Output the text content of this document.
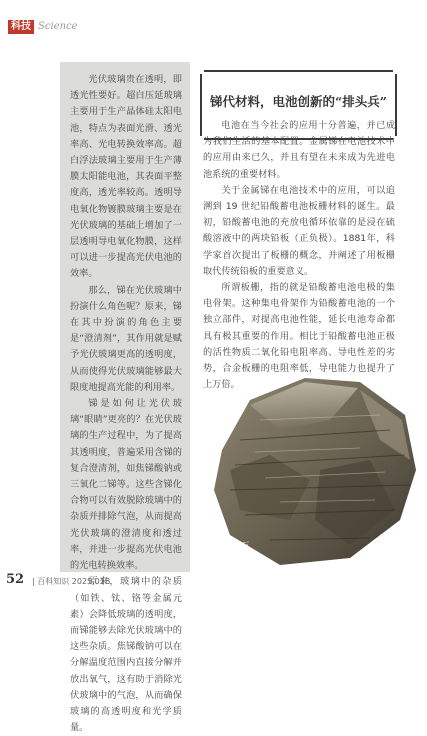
科技 Science

光伏玻璃贵在透明，即透光性要好。超白压延玻璃主要用于生产晶体硅太阳电池，特点为表面光滑、透光率高、光电转换效率高。超白浮法玻璃主要用于生产薄膜太阳能电池，其表面平整度高，透光率较高。透明导电氧化物镀膜玻璃主要是在光伏玻璃的基础上增加了一层透明导电氧化物膜，这样可以进一步提高光伏电池的效率。

那么，锑在光伏玻璃中扮演什么角色呢？原来，锑在其中扮演的角色主要是“澄清剂”，其作用就是赋予光伏玻璃更高的透明度，从而使得光伏玻璃能够最大限度地提高光能的利用率。

锑是如何让光伏玻璃“眼睛”更亮的？在光伏玻璃的生产过程中，为了提高其透明度，普遍采用含锑的复合澄清剂，如焦锑酸钠或三氧化二锑等。这些含锑化合物可以有效脱除玻璃中的杂质并排除气泡，从而提高光伏玻璃的澄清度和透过率，并进一步提高光伏电池的光电转换效率。

原来，玻璃中的杂质（如铁、钛、铬等金属元素）会降低玻璃的透明度，而锑能够去除光伏玻璃中的这些杂质。焦锑酸钠可以在分解温度范围内直接分解并放出氧气，这有助于消除光伏玻璃中的气泡，从而确保玻璃的高透明度和光学质量。

锑代材料，电池创新的“排头兵”

电池在当今社会的应用十分普遍，并已成为我们生活的基本配置。金属锑在电池技术中的应用由来已久，并且有望在未来成为先进电池系统的重要材料。

关于金属锑在电池技术中的应用，可以追溯到 19 世纪铅酸蓄电池板栅材料的诞生。最初，铅酸蓄电池的充放电循环依靠的是浸在硫酸溶液中的两块铅板（正负极）。1881年，科学家首次提出了板栅的概念，并阐述了用板栅取代传统铅板的重要意义。

所谓板栅，指的就是铅酸蓄电池电极的集电骨架。这种集电骨架作为铅酸蓄电池的一个独立部件，对提高电池性能，延长电池寿命都具有极其重要的作用。相比于铅酸蓄电池正极的活性物质二氧化铅电阻率高、导电性差的劣势，合金板栅的电阻率低，导电能力也提升了上万倍。

锑矿石
52 | 百科知识 2025.01B
